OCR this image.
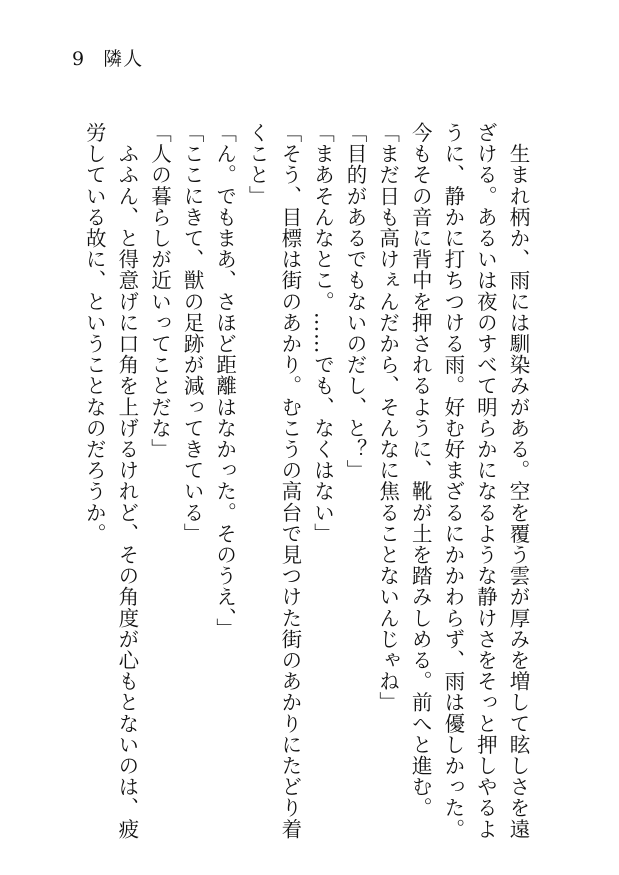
9 隣人
　生まれ柄か、雨には馴染みがある。空を覆う雲が厚みを増して眩しさを遠
ざける。あるいは夜のすべて明らかになるような静けさをそっと押しやるよ
うに、静かに打ちつける雨。好む好まざるにかかわらず、雨は優しかった。
今もその音に背中を押されるように、靴が土を踏みしめる。前へと進む。
「まだ日も高けぇんだから、そんなに焦ることないんじゃね」
「目的があるでもないのだし、と？」
「まあそんなとこ。……でも、なくはない」
「そう、目標は街のあかり。むこうの高台で見つけた街のあかりにたどり着
くこと」
「ん。でもまあ、さほど距離はなかった。そのうえ、」
「ここにきて、獣の足跡が減ってきている」
「人の暮らしが近いってことだな」
　ふふん、と得意げに口角を上げるけれど、その角度が心もとないのは、疲
労している故に、ということなのだろうか。
